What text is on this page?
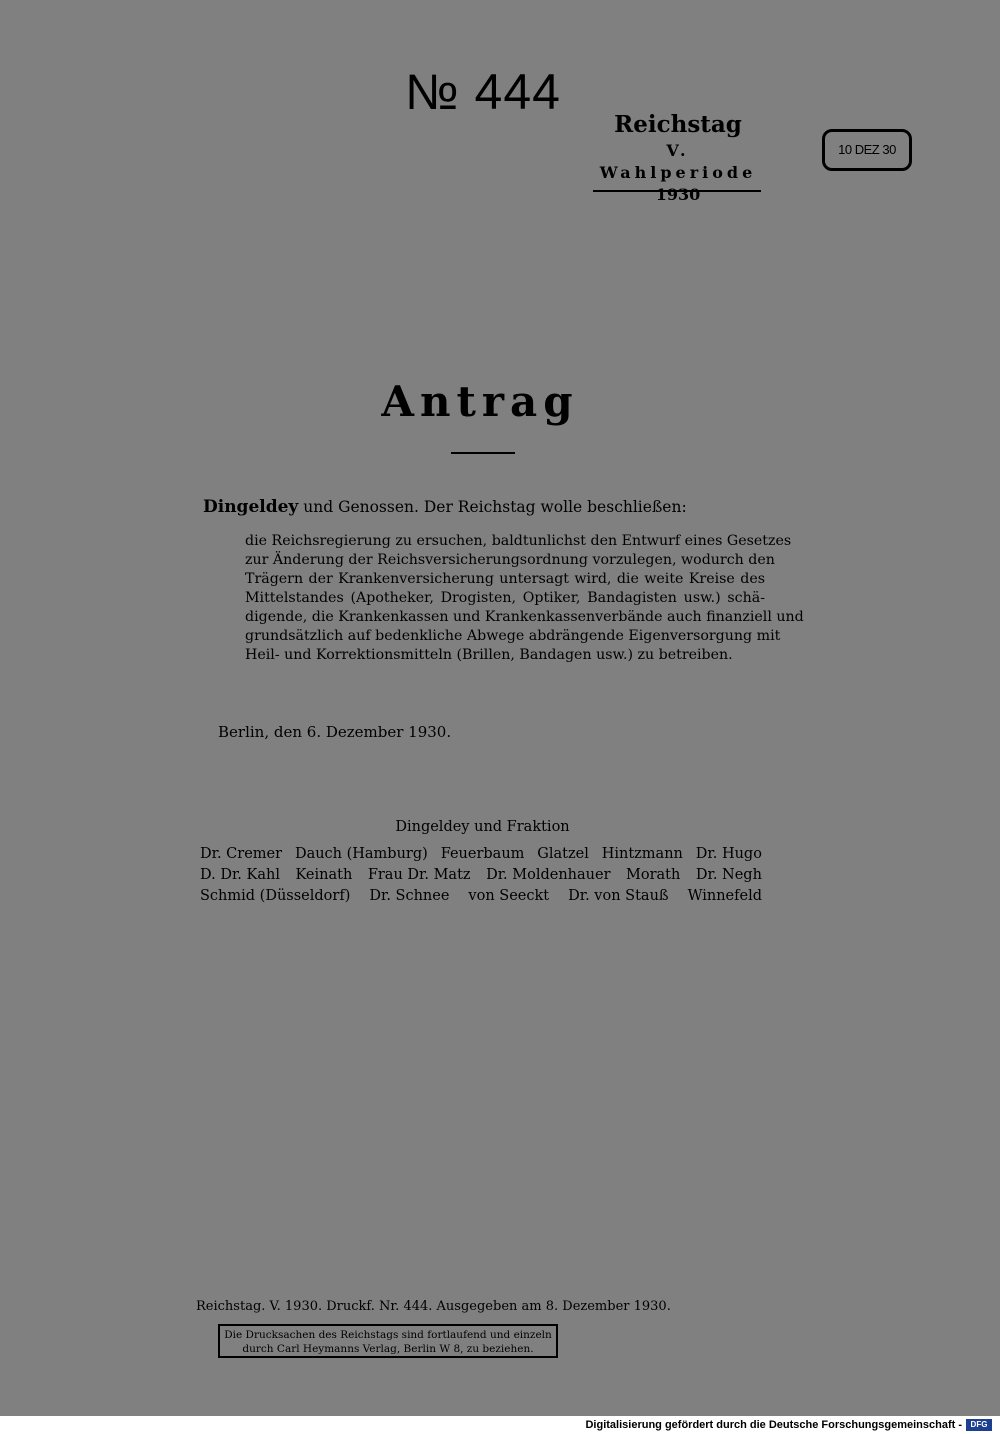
№ 444
Reichstag
V. Wahlperiode
1930
10 DEZ 30
Antrag
Dingeldey und Genossen. Der Reichstag wolle beschließen:
die Reichsregierung zu ersuchen, baldtunlichst den Entwurf eines Gesetzes
zur Änderung der Reichsversicherungsordnung vorzulegen, wodurch den
Trägern der Krankenversicherung untersagt wird, die weite Kreise des
Mittelstandes (Apotheker, Drogisten, Optiker, Bandagisten usw.) schä-
digende, die Krankenkassen und Krankenkassenverbände auch finanziell und
grundsätzlich auf bedenkliche Abwege abdrängende Eigenversorgung mit
Heil- und Korrektionsmitteln (Brillen, Bandagen usw.) zu betreiben.
Berlin, den 6. Dezember 1930.
Dingeldey und Fraktion
Dr. Cremer Dauch (Hamburg) Feuerbaum Glatzel Hintzmann Dr. Hugo
D. Dr. Kahl Keinath Frau Dr. Matz Dr. Moldenhauer Morath Dr. Negh
Schmid (Düsseldorf) Dr. Schnee von Seeckt Dr. von Stauß Winnefeld
Reichstag. V. 1930. Druckf. Nr. 444. Ausgegeben am 8. Dezember 1930.
Die Drucksachen des Reichstags sind fortlaufend und einzeln
durch Carl Heymanns Verlag, Berlin W 8, zu beziehen.
Digitalisierung gefördert durch die Deutsche Forschungsgemeinschaft -	DFG
